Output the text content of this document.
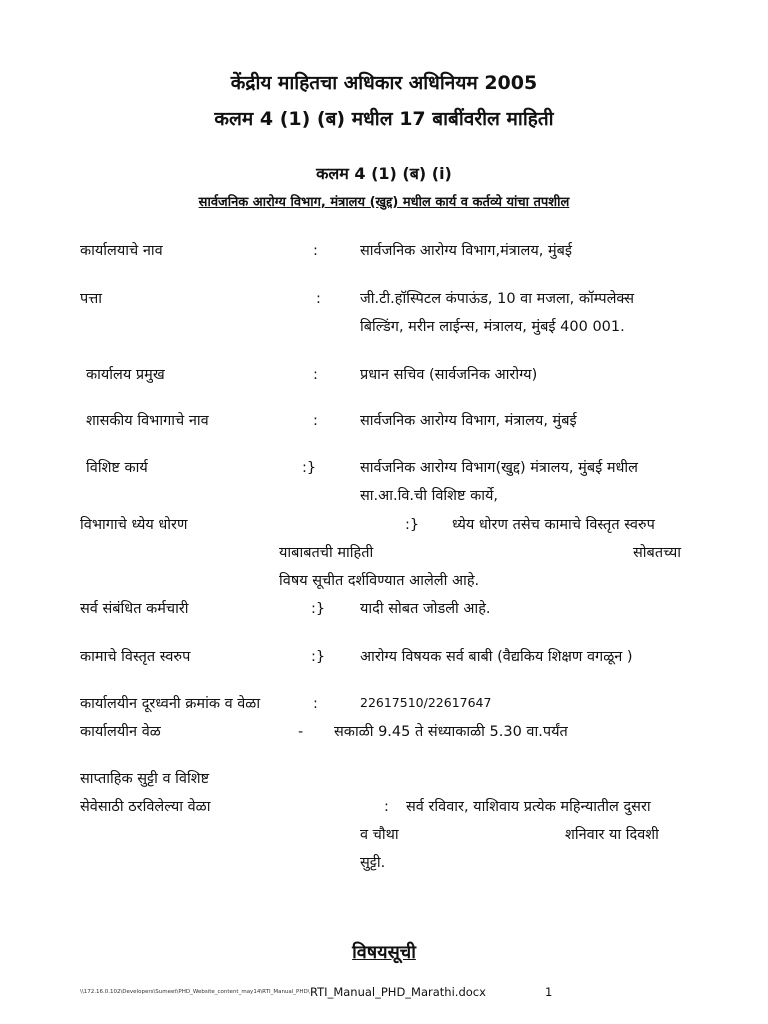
केंद्रीय माहितचा अधिकार अधिनियम 2005
कलम 4 (1) (ब) मधील 17 बाबींवरील माहिती
कलम 4 (1) (ब) (i)
सार्वजनिक आरोग्य विभाग, मंत्रालय (खुद्द) मधील कार्य व कर्तव्ये यांचा तपशील
कार्यालयाचे नाव	:	सार्वजनिक आरोग्य विभाग,मंत्रालय, मुंबई
पत्ता	:	जी.टी.हॉस्पिटल कंपाऊंड, 10 वा मजला, कॉम्पलेक्स
बिल्डिंग, मरीन लाईन्स, मंत्रालय, मुंबई 400 001.
कार्यालय प्रमुख	:	प्रधान सचिव (सार्वजनिक आरोग्य)
शासकीय विभागाचे नाव	:	सार्वजनिक आरोग्य विभाग, मंत्रालय, मुंबई
विशिष्ट कार्य	:}	सार्वजनिक आरोग्य विभाग(खुद्द) मंत्रालय, मुंबई मधील
सा.आ.वि.ची विशिष्ट कार्ये,
विभागाचे ध्येय धोरण	:} ध्येय धोरण तसेच कामाचे विस्तृत स्वरुप
याबाबतची माहिती	सोबतच्या
विषय सूचीत दर्शविण्यात आलेली आहे.
सर्व संबंधित कर्मचारी	:} यादी सोबत जोडली आहे.
कामाचे विस्तृत स्वरुप	:} आरोग्य विषयक सर्व बाबी (वैद्यकिय शिक्षण वगळून )
कार्यालयीन दूरध्वनी क्रमांक व वेळा	:	22617510/22617647
कार्यालयीन वेळ	- सकाळी 9.45 ते संध्याकाळी 5.30 वा.पर्यंत
साप्ताहिक सुट्टी व विशिष्ट
सेवेसाठी ठरविलेल्या वेळा	: सर्व रविवार, याशिवाय प्रत्येक महिन्यातील दुसरा
व चौथा	शनिवार या दिवशी
सुट्टी.
विषयसूची
\\172.16.0.102\Developers\Sumeet\PHD_Website_content_may14\RTI_Manual_PHD\ RTI_Manual_PHD_Marathi.docx	1
